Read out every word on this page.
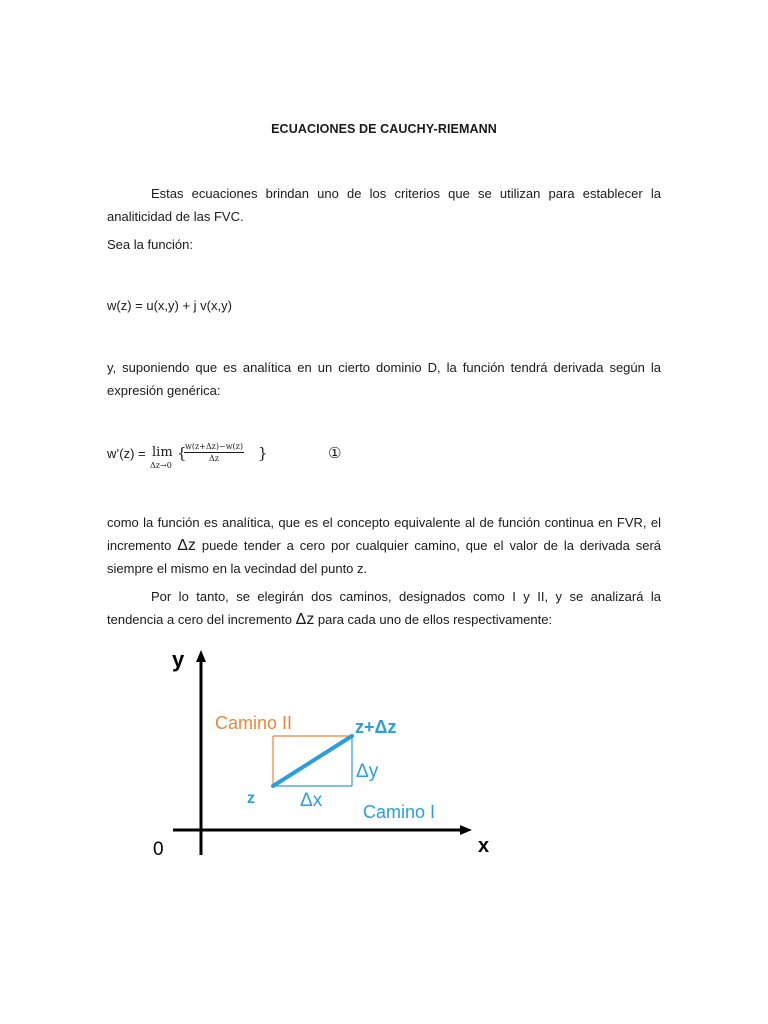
ECUACIONES DE CAUCHY-RIEMANN
Estas ecuaciones brindan uno de los criterios que se utilizan para establecer la analiticidad de las FVC.
Sea la función:
w(z) = u(x,y) + j v(x,y)
y, suponiendo que es analítica en un cierto dominio D, la función tendrá derivada según la expresión genérica:
w’(z) = lim
Δz→0
{
$\frac{w(z+\Delta z)-w(z)}{\Delta z}$ }	①
como la función es analítica, que es el concepto equivalente al de función continua en FVR, el incremento Δz puede tender a cero por cualquier camino, que el valor de la derivada será siempre el mismo en la vecindad del punto z.
Por lo tanto, se elegirán dos caminos, designados como I y II, y se analizará la tendencia a cero del incremento Δz para cada uno de ellos respectivamente:
y
x
0
Camino II
Camino I
z
z+Δz
Δx
Δy
